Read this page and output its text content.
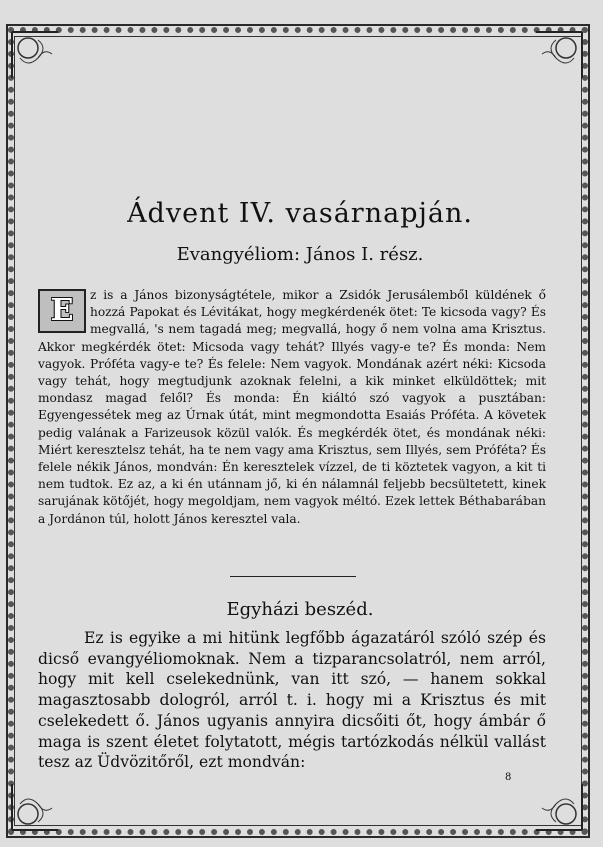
Ádvent IV. vasárnapján.
Evangyéliom: János I. rész.
E	z is a János bizonyságtétele, mikor a Zsidók Jerusálemből küldének ő hozzá Papokat és Lévitákat, hogy megkérdenék ötet: Te kicsoda vagy? És megvallá, 's nem tagadá meg; megvallá, hogy ő nem volna ama Krisztus. Akkor megkérdék ötet: Micsoda vagy tehát? Illyés vagy-e te? És monda: Nem vagyok. Próféta vagy-e te? És felele: Nem vagyok. Mondának azért néki: Kicsoda vagy tehát, hogy megtudjunk azoknak felelni, a kik minket elküldöttek; mit mondasz magad felől? És monda: Én kiáltó szó vagyok a pusztában: Egyengessétek meg az Úrnak útát, mint megmondotta Esaiás Próféta. A követek pedig valának a Farizeusok közül valók. És megkérdék ötet, és mondának néki: Miért keresztelsz tehát, ha te nem vagy ama Krisztus, sem Illyés, sem Próféta? És felele nékik János, mondván: Én keresztelek vízzel, de ti köztetek vagyon, a kit ti nem tudtok. Ez az, a ki én utánnam jő, ki én nálamnál feljebb becsültetett, kinek sarujának kötőjét, hogy megoldjam, nem vagyok méltó. Ezek lettek Béthabarában a Jordánon túl, holott János keresztel vala.

Egyházi beszéd.

Ez is egyike a mi hitünk legfőbb ágazatáról szóló szép és dicső evangyéliomoknak. Nem a tizparancsolatról, nem arról, hogy mit kell cselekednünk, van itt szó, — hanem sokkal magasztosabb dologról, arról t. i. hogy mi a Krisztus és mit cselekedett ő. János ugyanis annyira dicsőiti őt, hogy ámbár ő maga is szent életet folytatott, mégis tartózkodás nélkül vallást tesz az Üdvözitőről, ezt mondván:

8
